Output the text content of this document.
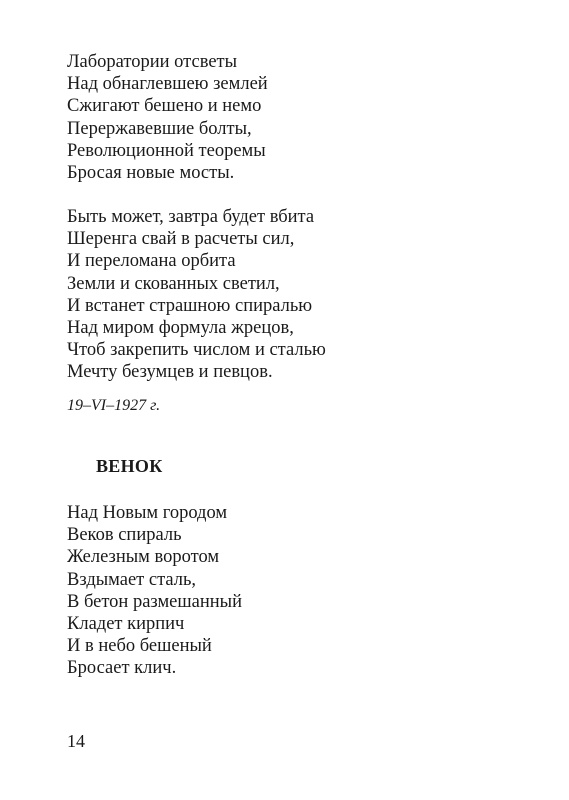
Лаборатории отсветы
Над обнаглевшею землей
Сжигают бешено и немо
Перержавевшие болты,
Революционной теоремы
Бросая новые мосты.
Быть может, завтра будет вбита
Шеренга свай в расчеты сил,
И переломана орбита
Земли и скованных светил,
И встанет страшною спиралью
Над миром формула жрецов,
Чтоб закрепить числом и сталью
Мечту безумцев и певцов.
19–VI–1927 г.
ВЕНОК
Над Новым городом
Веков спираль
Железным воротом
Вздымает сталь,
В бетон размешанный
Кладет кирпич
И в небо бешеный
Бросает клич.
14
